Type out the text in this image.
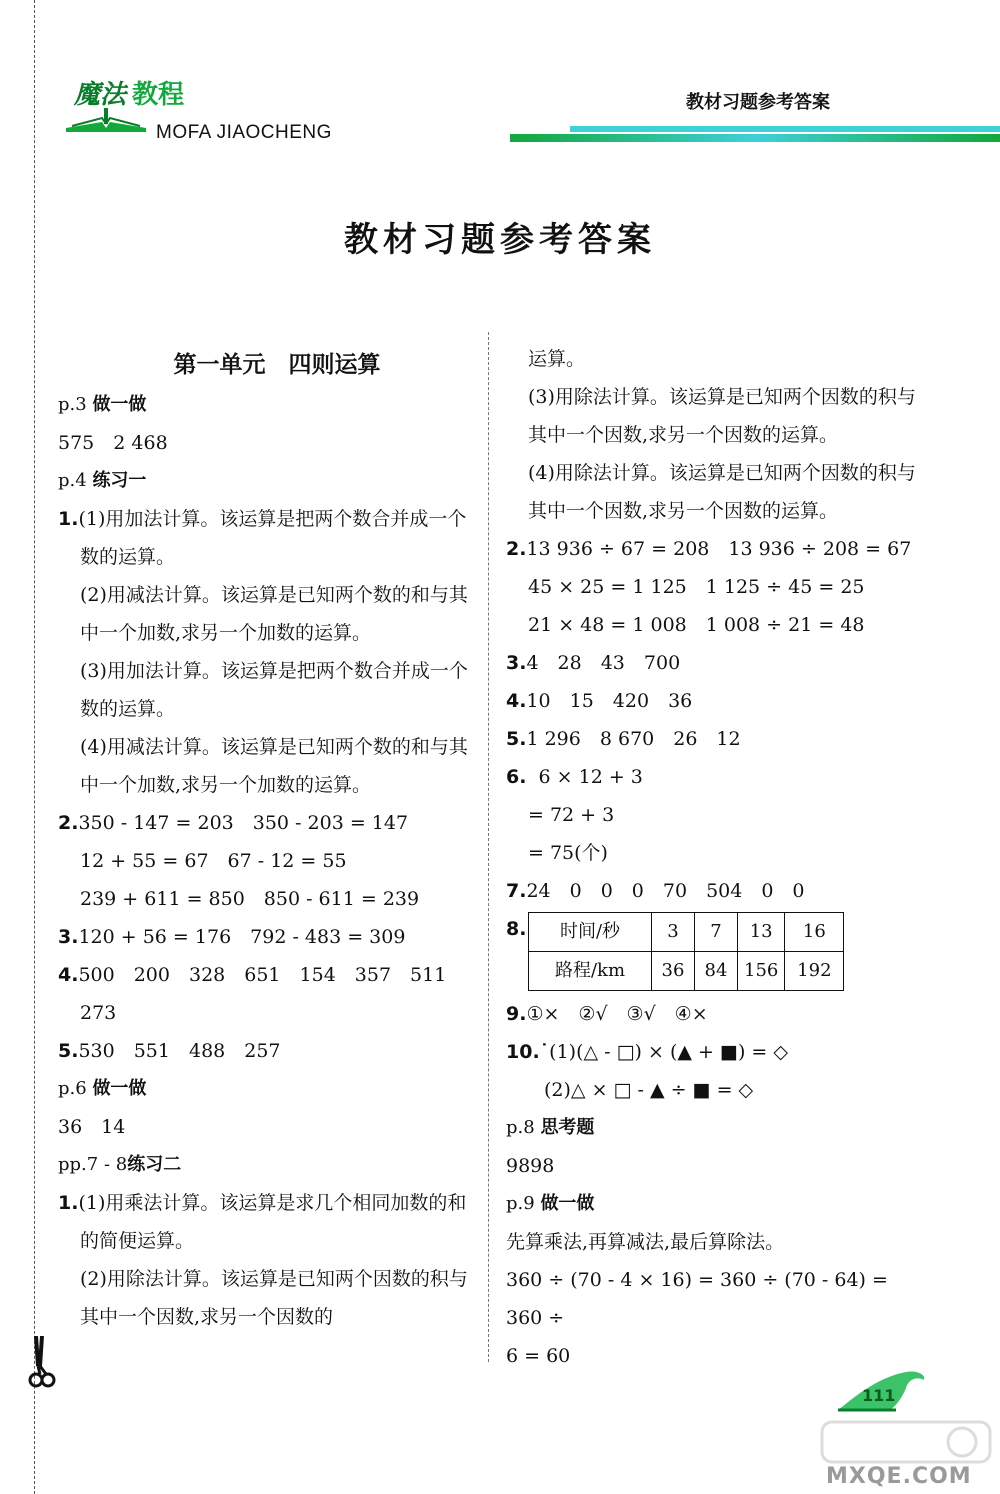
魔法 教程
MOFA JIAOCHENG
教材习题参考答案
教材习题参考答案
第一单元　四则运算
p.3 做一做
575　2 468
p.4 练习一
1.(1)用加法计算。该运算是把两个数合并成一个数的运算。
(2)用减法计算。该运算是已知两个数的和与其中一个加数,求另一个加数的运算。
(3)用加法计算。该运算是把两个数合并成一个数的运算。
(4)用减法计算。该运算是已知两个数的和与其中一个加数,求另一个加数的运算。
2.350 - 147 = 203　350 - 203 = 147
12 + 55 = 67　67 - 12 = 55
239 + 611 = 850　850 - 611 = 239
3.120 + 56 = 176　792 - 483 = 309
4.500　200　328　651　154　357　511
273
5.530　551　488　257
p.6 做一做
36　14
pp.7 - 8练习二
1.(1)用乘法计算。该运算是求几个相同加数的和的简便运算。
(2)用除法计算。该运算是已知两个因数的积与其中一个因数,求另一个因数的
运算。
(3)用除法计算。该运算是已知两个因数的积与其中一个因数,求另一个因数的运算。
(4)用除法计算。该运算是已知两个因数的积与其中一个因数,求另一个因数的运算。
2.13 936 ÷ 67 = 208　13 936 ÷ 208 = 67
45 × 25 = 1 125　1 125 ÷ 45 = 25
21 × 48 = 1 008　1 008 ÷ 21 = 48
3.4　28　43　700
4.10　15　420　36
5.1 296　8 670　26　12
6. 6 × 12 + 3
= 72 + 3
= 75(个)
7.24　0　0　0　70　504　0　0
8. 时间/秒	3	7	13	16
路程/km	36	84	156	192
9.①×　②√　③√　④×
10.˙(1)(△ - □) × (▲ + ■) = ◇
(2)△ × □ - ▲ ÷ ■ = ◇
p.8 思考题
9898
p.9 做一做
先算乘法,再算减法,最后算除法。
360 ÷ (70 - 4 × 16) = 360 ÷ (70 - 64) = 360 ÷
6 = 60
111
MXQE.COM
